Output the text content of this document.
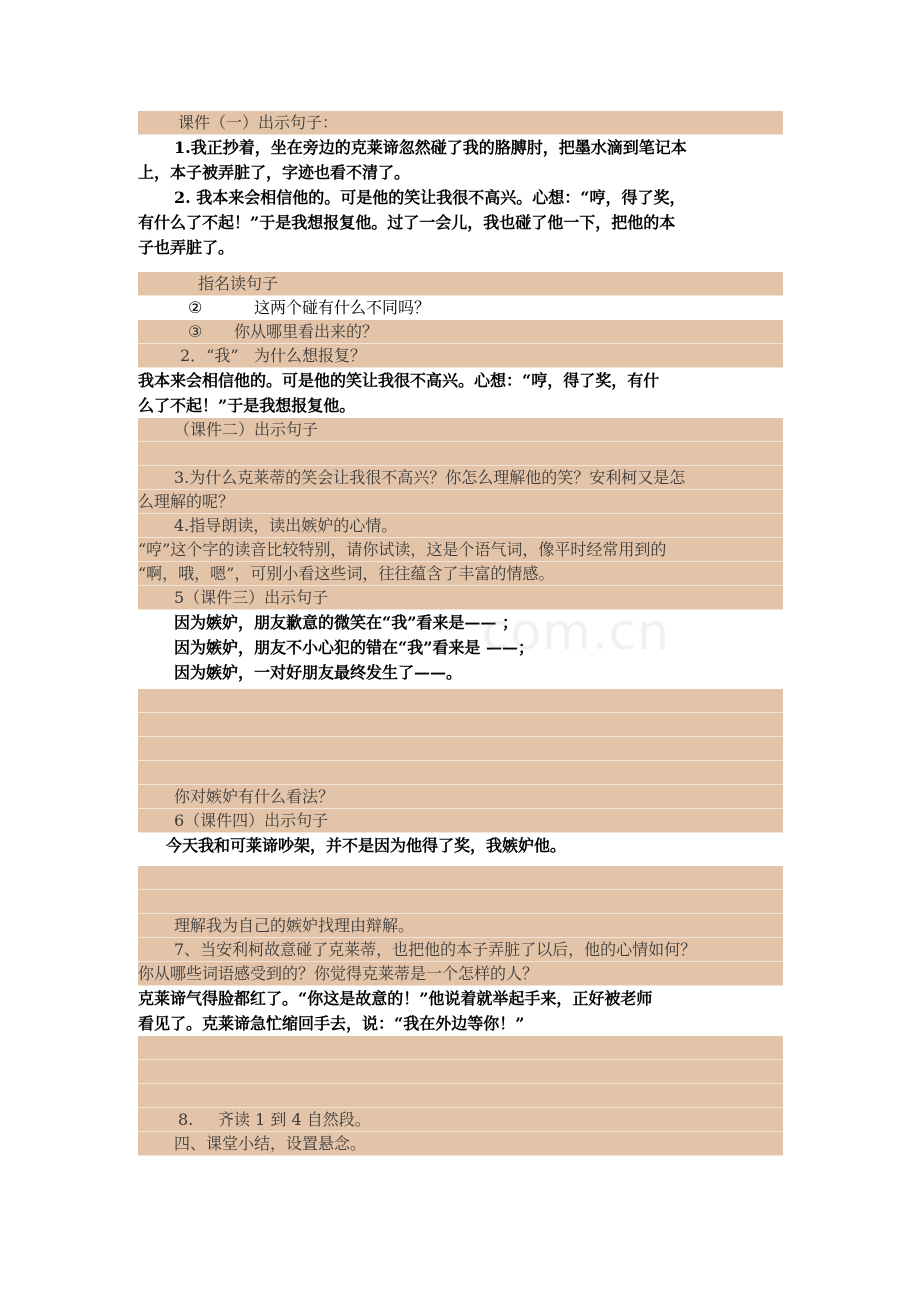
课件（一）出示句子：
1.我正抄着，坐在旁边的克莱谛忽然碰了我的胳膊肘，把墨水滴到笔记本
上，本子被弄脏了，字迹也看不清了。
2. 我本来会相信他的。可是他的笑让我很不高兴。心想：“哼，得了奖，
有什么了不起！”于是我想报复他。过了一会儿，我也碰了他一下，把他的本
子也弄脏了。
指名读句子
②	这两个碰有什么不同吗？
③ 你从哪里看出来的？
2．“我” 为什么想报复？
我本来会相信他的。可是他的笑让我很不高兴。心想：“哼，得了奖，有什
么了不起！”于是我想报复他。
（课件二）出示句子
3.为什么克莱蒂的笑会让我很不高兴？你怎么理解他的笑？安利柯又是怎
么理解的呢？
4.指导朗读，读出嫉妒的心情。
“哼”这个字的读音比较特别，请你试读，这是个语气词，像平时经常用到的
“啊，哦，嗯”，可别小看这些词，往往蕴含了丰富的情感。
5（课件三）出示句子
因为嫉妒，朋友歉意的微笑在“我”看来是—— ；
因为嫉妒，朋友不小心犯的错在“我”看来是 ——；
因为嫉妒，一对好朋友最终发生了——。
你对嫉妒有什么看法？
6（课件四）出示句子
今天我和可莱谛吵架，并不是因为他得了奖，我嫉妒他。
理解我为自己的嫉妒找理由辩解。
7、当安利柯故意碰了克莱蒂，也把他的本子弄脏了以后，他的心情如何？
你从哪些词语感受到的？你觉得克莱蒂是一个怎样的人？
克莱谛气得脸都红了。“你这是故意的！”他说着就举起手来，正好被老师
看见了。克莱谛急忙缩回手去，说：“我在外边等你！”
8. 齐读 1 到 4 自然段。
四、课堂小结，设置悬念。
